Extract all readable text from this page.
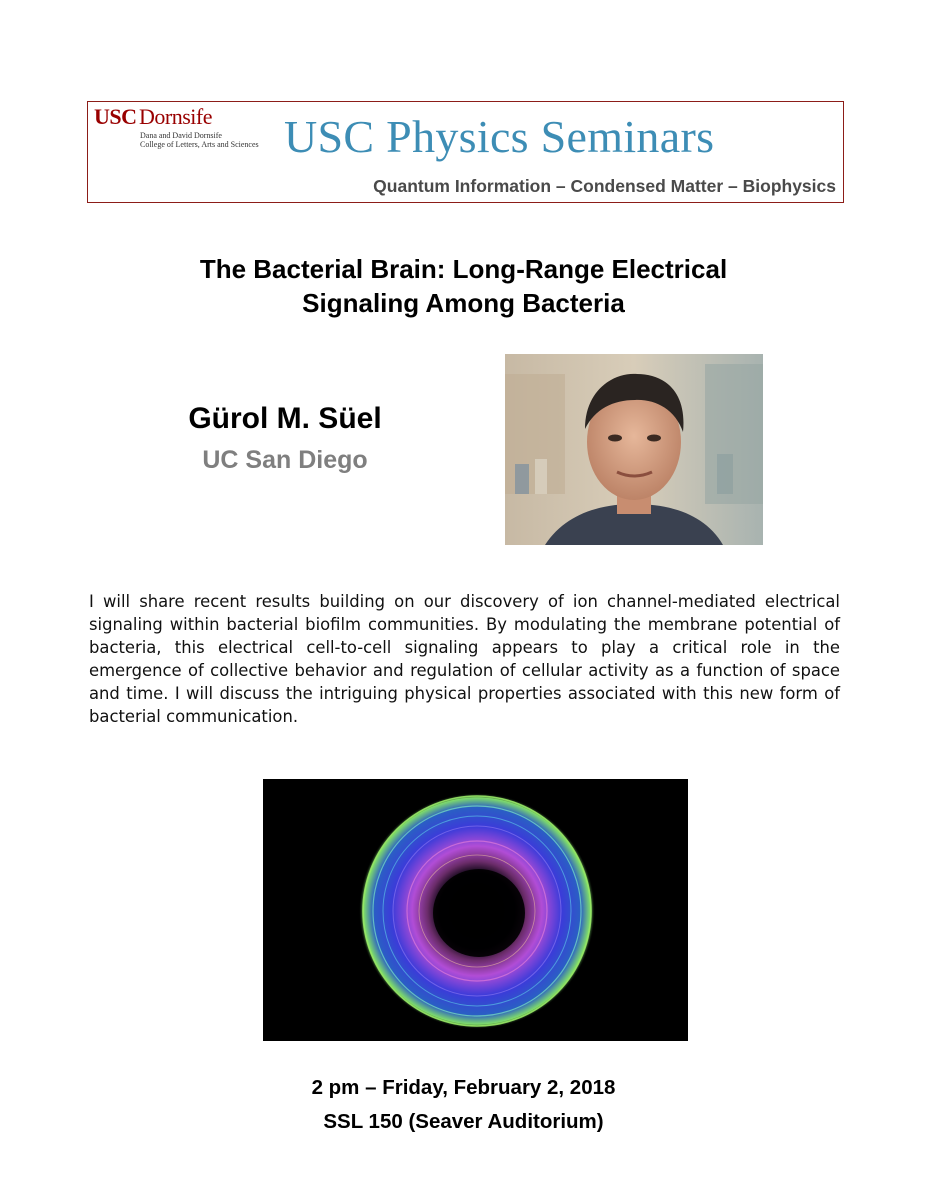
USC Dornsife
Dana and David Dornsife
College of Letters, Arts and Sciences USC Physics Seminars
Quantum Information – Condensed Matter – Biophysics
The Bacterial Brain: Long-Range Electrical
Signaling Among Bacteria
Gürol M. Süel
UC San Diego
I will share recent results building on our discovery of ion channel-mediated electrical signaling within bacterial biofilm communities. By modulating the membrane potential of bacteria, this electrical cell-to-cell signaling appears to play a critical role in the emergence of collective behavior and regulation of cellular activity as a function of space and time. I will discuss the intriguing physical properties associated with this new form of bacterial communication.
2 pm – Friday, February 2, 2018
SSL 150 (Seaver Auditorium)
